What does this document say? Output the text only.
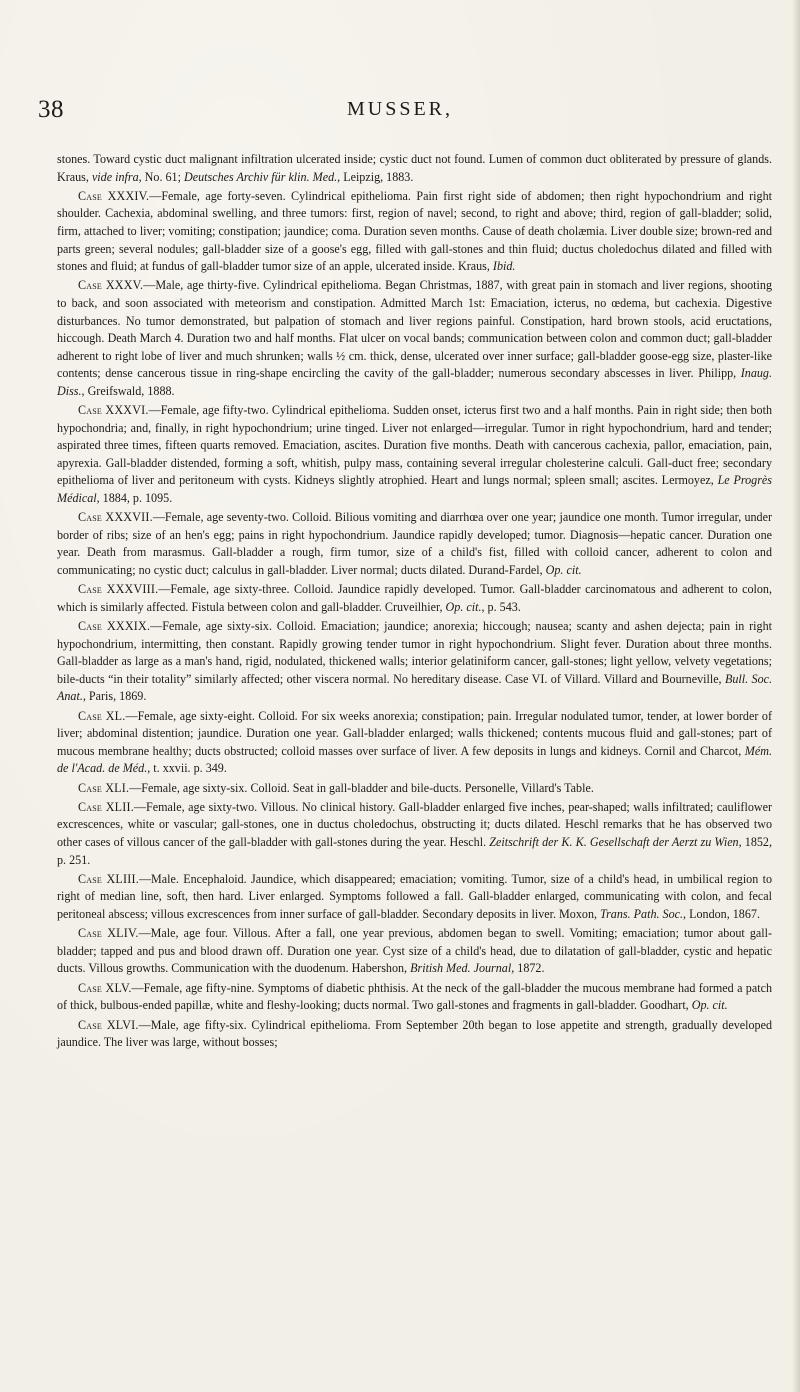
38	MUSSER,

stones. Toward cystic duct malignant infiltration ulcerated inside; cystic duct not found. Lumen of common duct obliterated by pressure of glands. Kraus, vide infra, No. 61; Deutsches Archiv für klin. Med., Leipzig, 1883.

Case XXXIV.—Female, age forty-seven. Cylindrical epithelioma. Pain first right side of abdomen; then right hypochondrium and right shoulder. Cachexia, abdominal swelling, and three tumors: first, region of navel; second, to right and above; third, region of gall-bladder; solid, firm, attached to liver; vomiting; constipation; jaundice; coma. Duration seven months. Cause of death cholæmia. Liver double size; brown-red and parts green; several nodules; gall-bladder size of a goose's egg, filled with gall-stones and thin fluid; ductus choledochus dilated and filled with stones and fluid; at fundus of gall-bladder tumor size of an apple, ulcerated inside. Kraus, Ibid.

Case XXXV.—Male, age thirty-five. Cylindrical epithelioma. Began Christmas, 1887, with great pain in stomach and liver regions, shooting to back, and soon associated with meteorism and constipation. Admitted March 1st: Emaciation, icterus, no œdema, but cachexia. Digestive disturbances. No tumor demonstrated, but palpation of stomach and liver regions painful. Constipation, hard brown stools, acid eructations, hiccough. Death March 4. Duration two and half months. Flat ulcer on vocal bands; communication between colon and common duct; gall-bladder adherent to right lobe of liver and much shrunken; walls ½ cm. thick, dense, ulcerated over inner surface; gall-bladder goose-egg size, plaster-like contents; dense cancerous tissue in ring-shape encircling the cavity of the gall-bladder; numerous secondary abscesses in liver. Philipp, Inaug. Diss., Greifswald, 1888.

Case XXXVI.—Female, age fifty-two. Cylindrical epithelioma. Sudden onset, icterus first two and a half months. Pain in right side; then both hypochondria; and, finally, in right hypochondrium; urine tinged. Liver not enlarged—irregular. Tumor in right hypochondrium, hard and tender; aspirated three times, fifteen quarts removed. Emaciation, ascites. Duration five months. Death with cancerous cachexia, pallor, emaciation, pain, apyrexia. Gall-bladder distended, forming a soft, whitish, pulpy mass, containing several irregular cholesterine calculi. Gall-duct free; secondary epithelioma of liver and peritoneum with cysts. Kidneys slightly atrophied. Heart and lungs normal; spleen small; ascites. Lermoyez, Le Progrès Médical, 1884, p. 1095.

Case XXXVII.—Female, age seventy-two. Colloid. Bilious vomiting and diarrhœa over one year; jaundice one month. Tumor irregular, under border of ribs; size of an hen's egg; pains in right hypochondrium. Jaundice rapidly developed; tumor. Diagnosis—hepatic cancer. Duration one year. Death from marasmus. Gall-bladder a rough, firm tumor, size of a child's fist, filled with colloid cancer, adherent to colon and communicating; no cystic duct; calculus in gall-bladder. Liver normal; ducts dilated. Durand-Fardel, Op. cit.

Case XXXVIII.—Female, age sixty-three. Colloid. Jaundice rapidly developed. Tumor. Gall-bladder carcinomatous and adherent to colon, which is similarly affected. Fistula between colon and gall-bladder. Cruveilhier, Op. cit., p. 543.

Case XXXIX.—Female, age sixty-six. Colloid. Emaciation; jaundice; anorexia; hiccough; nausea; scanty and ashen dejecta; pain in right hypochondrium, intermitting, then constant. Rapidly growing tender tumor in right hypochondrium. Slight fever. Duration about three months. Gall-bladder as large as a man's hand, rigid, nodulated, thickened walls; interior gelatiniform cancer, gall-stones; light yellow, velvety vegetations; bile-ducts “in their totality” similarly affected; other viscera normal. No hereditary disease. Case VI. of Villard. Villard and Bourneville, Bull. Soc. Anat., Paris, 1869.

Case XL.—Female, age sixty-eight. Colloid. For six weeks anorexia; constipation; pain. Irregular nodulated tumor, tender, at lower border of liver; abdominal distention; jaundice. Duration one year. Gall-bladder enlarged; walls thickened; contents mucous fluid and gall-stones; part of mucous membrane healthy; ducts obstructed; colloid masses over surface of liver. A few deposits in lungs and kidneys. Cornil and Charcot, Mém. de l'Acad. de Méd., t. xxvii. p. 349.

Case XLI.—Female, age sixty-six. Colloid. Seat in gall-bladder and bile-ducts. Personelle, Villard's Table.

Case XLII.—Female, age sixty-two. Villous. No clinical history. Gall-bladder enlarged five inches, pear-shaped; walls infiltrated; cauliflower excrescences, white or vascular; gall-stones, one in ductus choledochus, obstructing it; ducts dilated. Heschl remarks that he has observed two other cases of villous cancer of the gall-bladder with gall-stones during the year. Heschl. Zeitschrift der K. K. Gesellschaft der Aerzt zu Wien, 1852, p. 251.

Case XLIII.—Male. Encephaloid. Jaundice, which disappeared; emaciation; vomiting. Tumor, size of a child's head, in umbilical region to right of median line, soft, then hard. Liver enlarged. Symptoms followed a fall. Gall-bladder enlarged, communicating with colon, and fecal peritoneal abscess; villous excrescences from inner surface of gall-bladder. Secondary deposits in liver. Moxon, Trans. Path. Soc., London, 1867.

Case XLIV.—Male, age four. Villous. After a fall, one year previous, abdomen began to swell. Vomiting; emaciation; tumor about gall-bladder; tapped and pus and blood drawn off. Duration one year. Cyst size of a child's head, due to dilatation of gall-bladder, cystic and hepatic ducts. Villous growths. Communication with the duodenum. Habershon, British Med. Journal, 1872.

Case XLV.—Female, age fifty-nine. Symptoms of diabetic phthisis. At the neck of the gall-bladder the mucous membrane had formed a patch of thick, bulbous-ended papillæ, white and fleshy-looking; ducts normal. Two gall-stones and fragments in gall-bladder. Goodhart, Op. cit.

Case XLVI.—Male, age fifty-six. Cylindrical epithelioma. From September 20th began to lose appetite and strength, gradually developed jaundice. The liver was large, without bosses;
